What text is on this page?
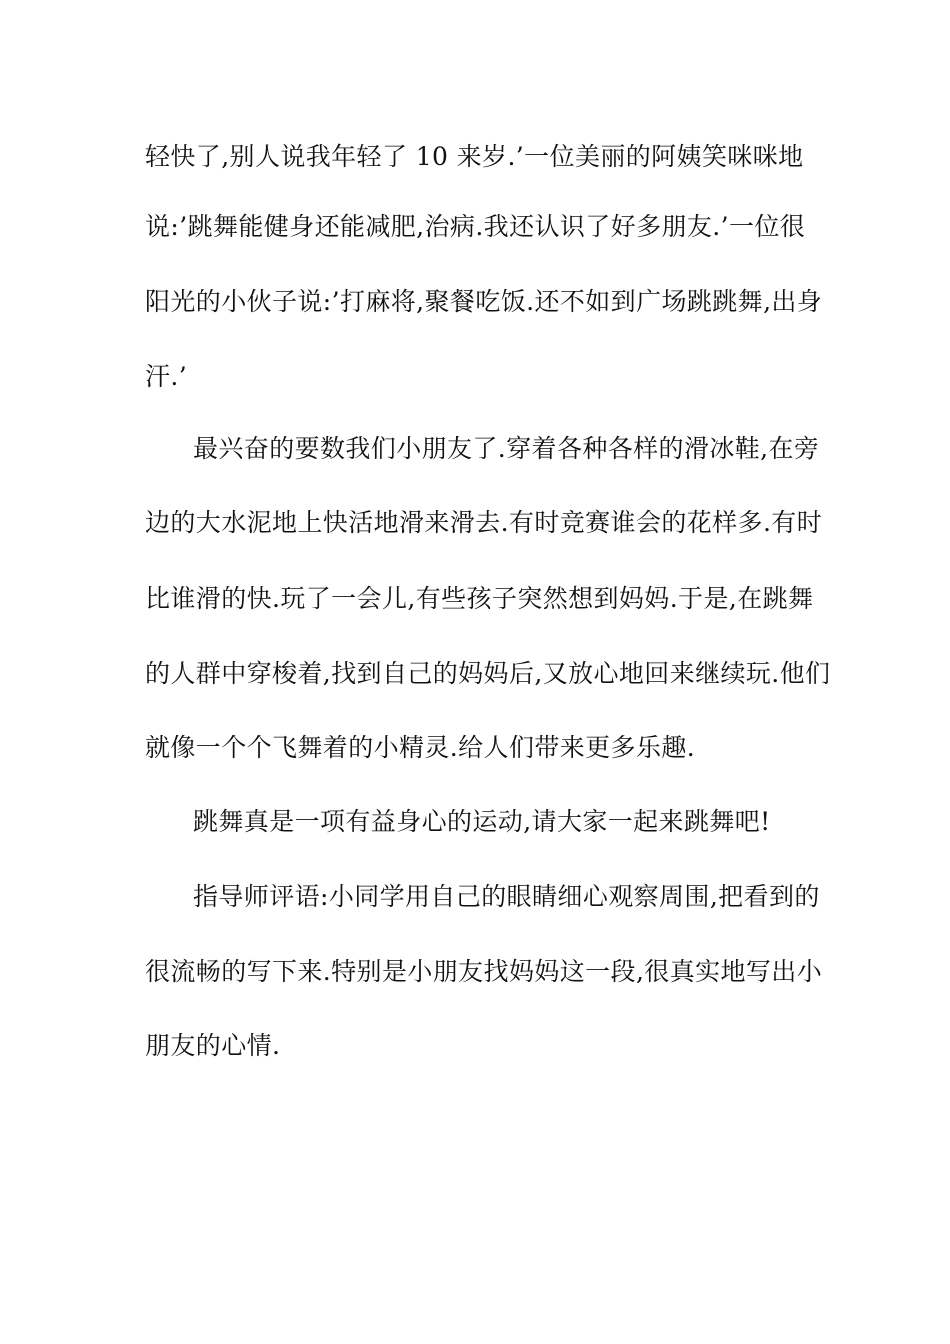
轻快了,别人说我年轻了 10 来岁.’一位美丽的阿姨笑咪咪地
说:’跳舞能健身还能减肥,治病.我还认识了好多朋友.’一位很
阳光的小伙子说:’打麻将,聚餐吃饭.还不如到广场跳跳舞,出身
汗.’
最兴奋的要数我们小朋友了.穿着各种各样的滑冰鞋,在旁
边的大水泥地上快活地滑来滑去.有时竞赛谁会的花样多.有时
比谁滑的快.玩了一会儿,有些孩子突然想到妈妈.于是,在跳舞
的人群中穿梭着,找到自己的妈妈后,又放心地回来继续玩.他们
就像一个个飞舞着的小精灵.给人们带来更多乐趣.
跳舞真是一项有益身心的运动,请大家一起来跳舞吧!
指导师评语:小同学用自己的眼睛细心观察周围,把看到的
很流畅的写下来.特别是小朋友找妈妈这一段,很真实地写出小
朋友的心情.
